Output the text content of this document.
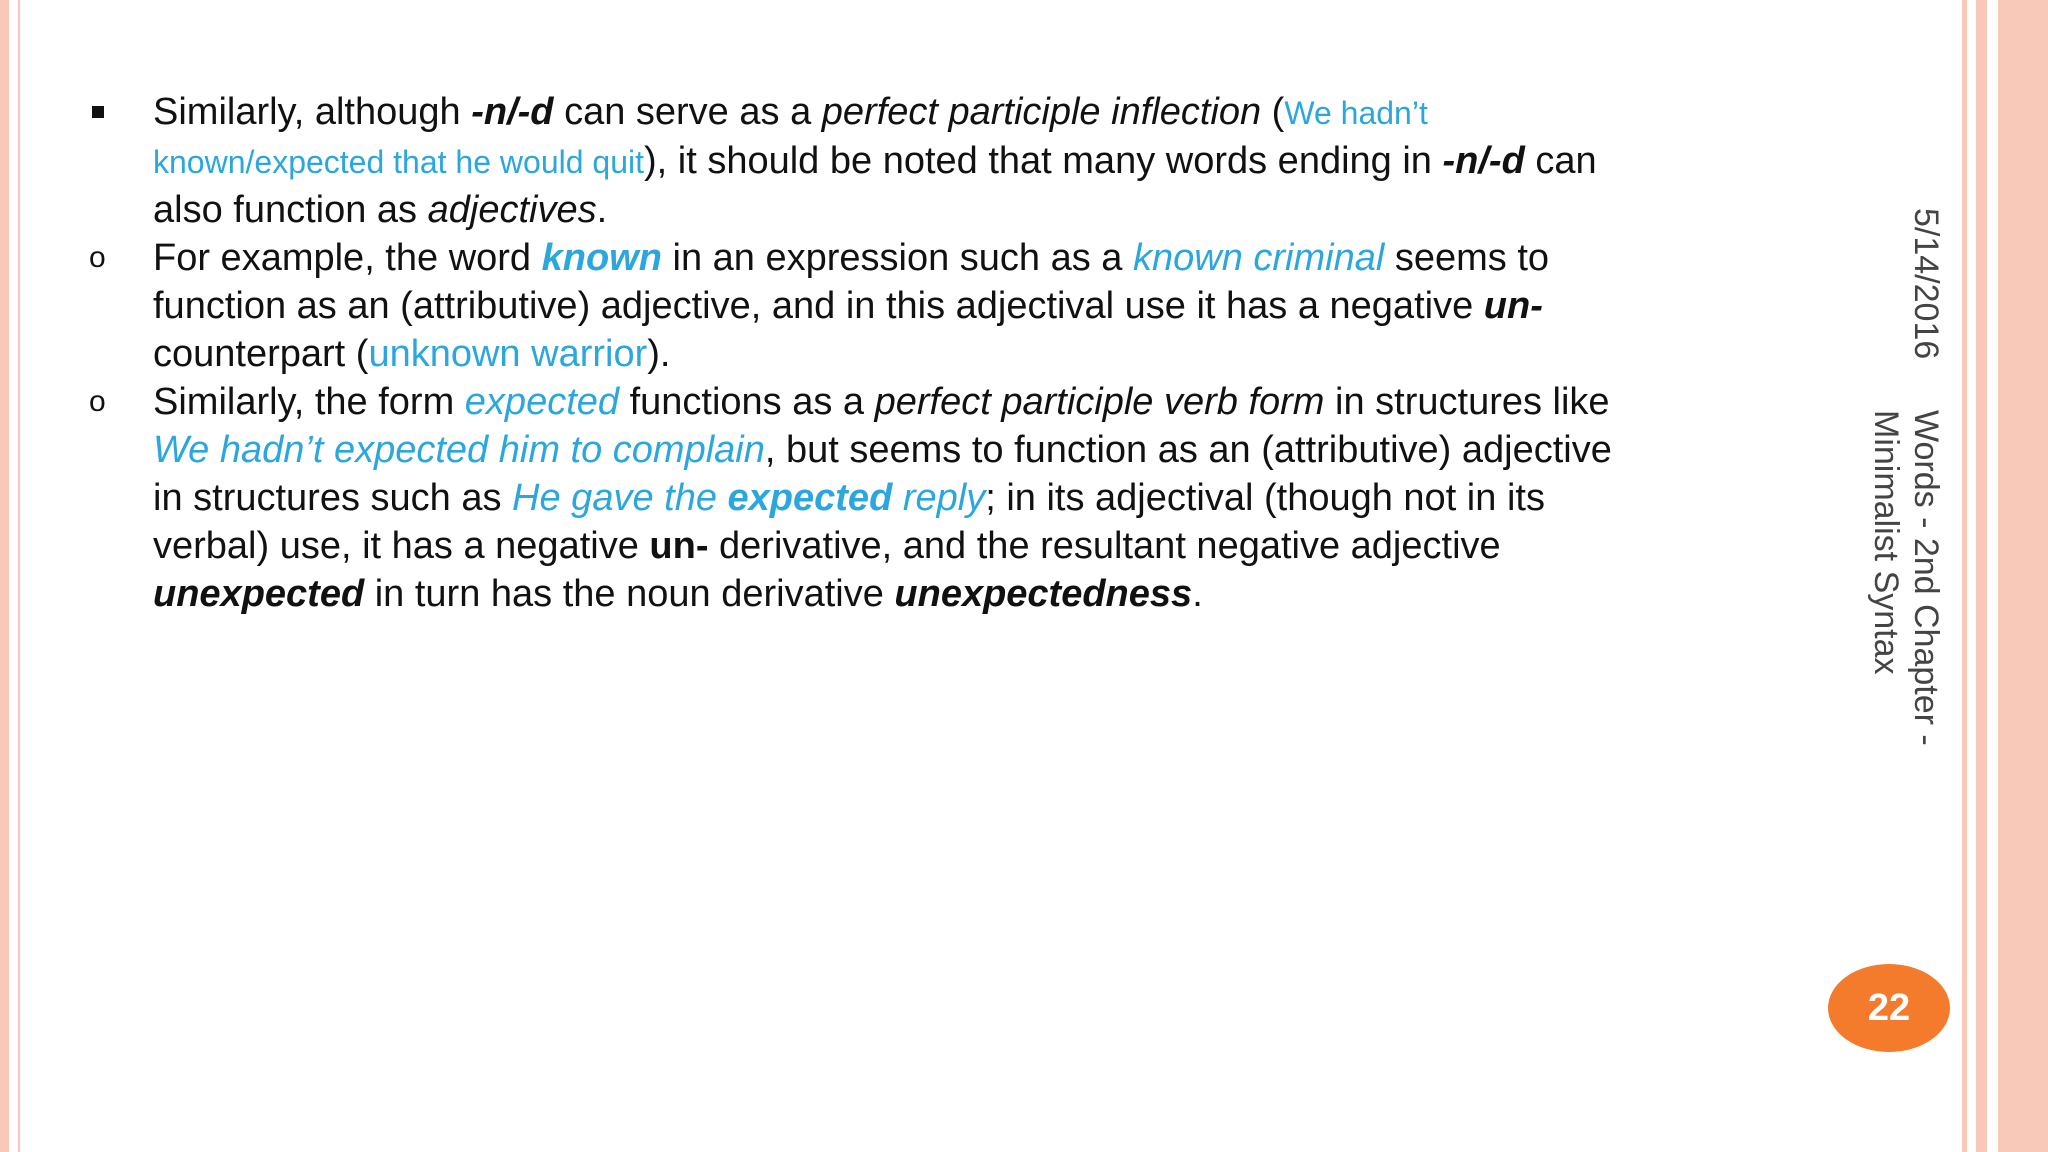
Similarly, although -n/-d can serve as a perfect participle inflection (We hadn’t known/expected that he would quit), it should be noted that many words ending in -n/-d can also function as adjectives.
o For example, the word known in an expression such as a known criminal seems to function as an (attributive) adjective, and in this adjectival use it has a negative un- counterpart (unknown warrior).
o Similarly, the form expected functions as a perfect participle verb form in structures like We hadn’t expected him to complain, but seems to function as an (attributive) adjective in structures such as He gave the expected reply; in its adjectival (though not in its verbal) use, it has a negative un- derivative, and the resultant negative adjective unexpected in turn has the noun derivative unexpectedness.
5/14/2016
Words - 2nd Chapter -
Minimalist Syntax
22
